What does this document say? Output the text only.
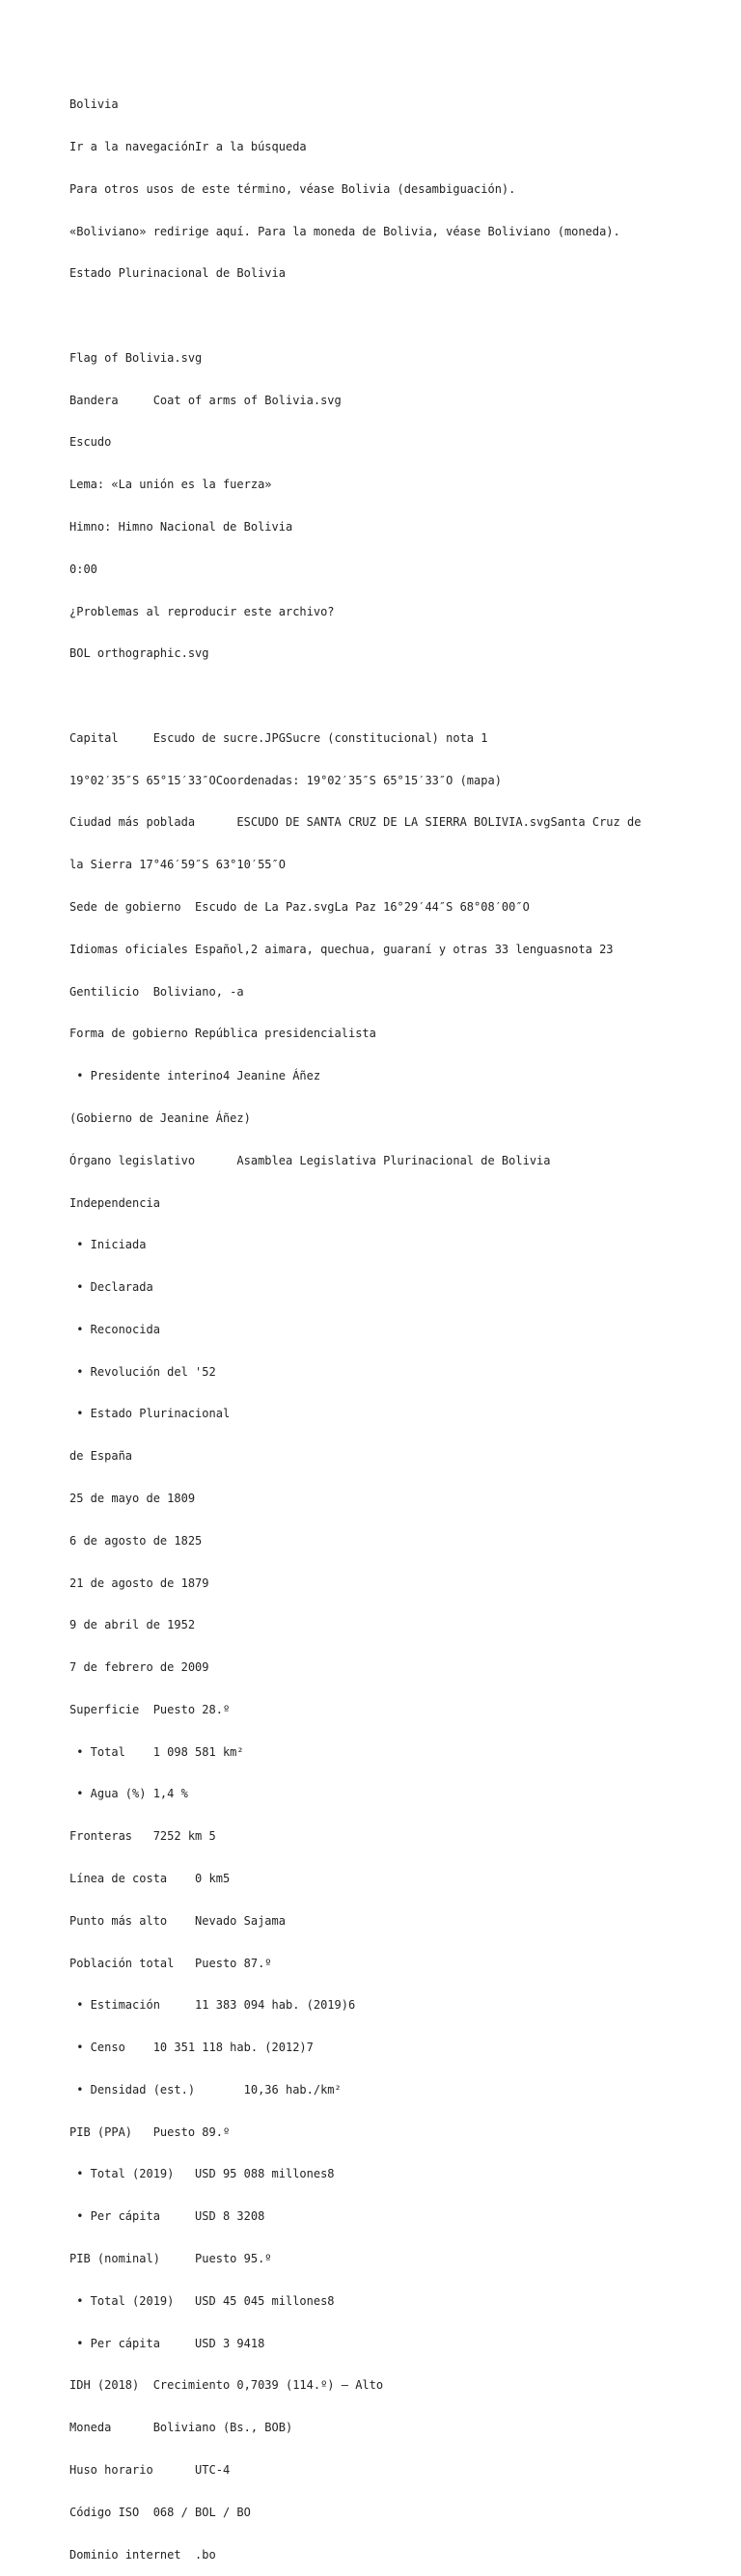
Bolivia

Ir a la navegaciónIr a la búsqueda

Para otros usos de este término, véase Bolivia (desambiguación).

«Boliviano» redirige aquí. Para la moneda de Bolivia, véase Boliviano (moneda).

Estado Plurinacional de Bolivia

Flag of Bolivia.svg

Bandera     Coat of arms of Bolivia.svg

Escudo

Lema: «La unión es la fuerza»

Himno: Himno Nacional de Bolivia

0:00

¿Problemas al reproducir este archivo?

BOL orthographic.svg

Capital     Escudo de sucre.JPGSucre (constitucional) nota 1

19°02′35″S 65°15′33″OCoordenadas: 19°02′35″S 65°15′33″O (mapa)

Ciudad más poblada      ESCUDO DE SANTA CRUZ DE LA SIERRA BOLIVIA.svgSanta Cruz de

la Sierra 17°46′59″S 63°10′55″O

Sede de gobierno  Escudo de La Paz.svgLa Paz 16°29′44″S 68°08′00″O

Idiomas oficiales Español,2 aimara, quechua, guaraní y otras 33 lenguasnota 23

Gentilicio  Boliviano, -a

Forma de gobierno República presidencialista

• Presidente interino4 Jeanine Áñez

(Gobierno de Jeanine Áñez)

Órgano legislativo      Asamblea Legislativa Plurinacional de Bolivia

Independencia

• Iniciada

• Declarada

• Reconocida

• Revolución del '52

• Estado Plurinacional

de España

25 de mayo de 1809

6 de agosto de 1825

21 de agosto de 1879

9 de abril de 1952

7 de febrero de 2009

Superficie  Puesto 28.º

• Total    1 098 581 km²

• Agua (%) 1,4 %

Fronteras   7252 km 5

Línea de costa    0 km5

Punto más alto    Nevado Sajama

Población total   Puesto 87.º

• Estimación     11 383 094 hab. (2019)6

• Censo    10 351 118 hab. (2012)7

• Densidad (est.)       10,36 hab./km²

PIB (PPA)   Puesto 89.º

• Total (2019)   USD 95 088 millones8

• Per cápita     USD 8 3208

PIB (nominal)     Puesto 95.º

• Total (2019)   USD 45 045 millones8

• Per cápita     USD 3 9418

IDH (2018)  Crecimiento 0,7039 (114.º) – Alto

Moneda      Boliviano (Bs., BOB)

Huso horario      UTC-4

Código ISO  068 / BOL / BO

Dominio internet  .bo
